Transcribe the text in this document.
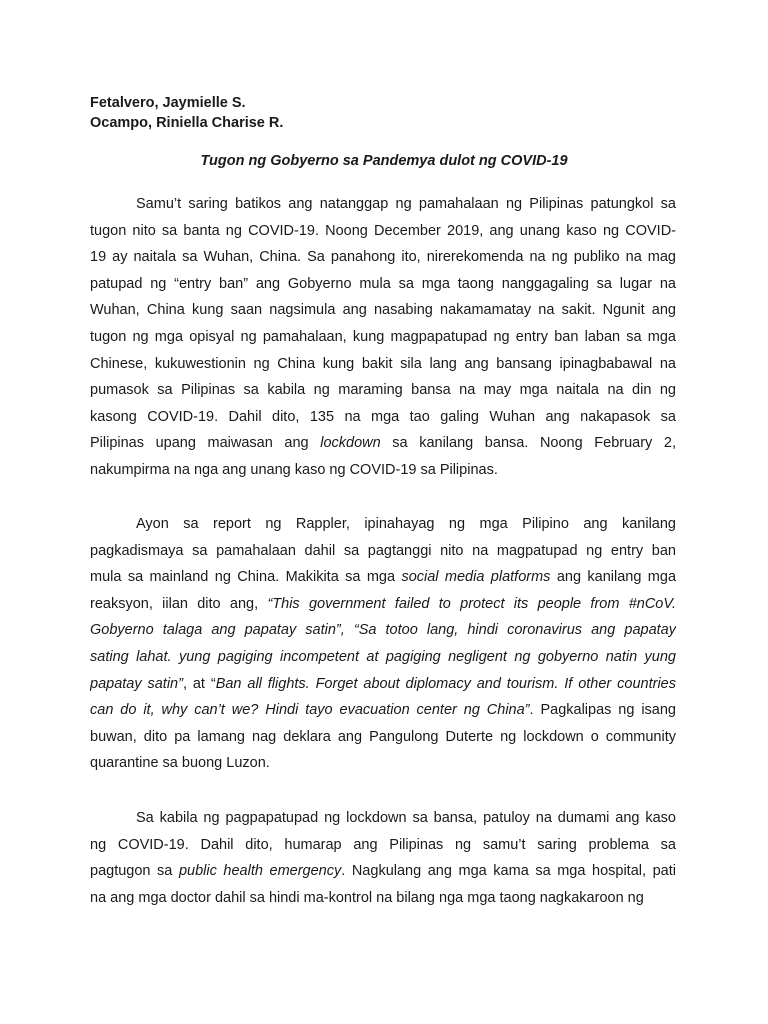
Fetalvero, Jaymielle S.
Ocampo, Riniella Charise R.
Tugon ng Gobyerno sa Pandemya dulot ng COVID-19
Samu’t saring batikos ang natanggap ng pamahalaan ng Pilipinas patungkol sa
tugon nito sa banta ng COVID-19. Noong December 2019, ang unang kaso ng COVID-
19 ay naitala sa Wuhan, China. Sa panahong ito, nirerekomenda na ng publiko na mag
patupad ng “entry ban” ang Gobyerno mula sa mga taong nanggagaling sa lugar na
Wuhan, China kung saan nagsimula ang nasabing nakamamatay na sakit. Ngunit ang
tugon ng mga opisyal ng pamahalaan, kung magpapatupad ng entry ban laban sa mga
Chinese, kukuwestionin ng China kung bakit sila lang ang bansang ipinagbabawal na
pumasok sa Pilipinas sa kabila ng maraming bansa na may mga naitala na din ng
kasong COVID-19. Dahil dito, 135 na mga tao galing Wuhan ang nakapasok sa
Pilipinas upang maiwasan ang lockdown sa kanilang bansa. Noong February 2,
nakumpirma na nga ang unang kaso ng COVID-19 sa Pilipinas.
Ayon sa report ng Rappler, ipinahayag ng mga Pilipino ang kanilang
pagkadismaya sa pamahalaan dahil sa pagtanggi nito na magpatupad ng entry ban
mula sa mainland ng China. Makikita sa mga social media platforms ang kanilang mga
reaksyon, iilan dito ang, “This government failed to protect its people from #nCoV.
Gobyerno talaga ang papatay satin”, “Sa totoo lang, hindi coronavirus ang papatay
sating lahat. yung pagiging incompetent at pagiging negligent ng gobyerno natin yung
papatay satin”, at “Ban all flights. Forget about diplomacy and tourism. If other countries
can do it, why can’t we? Hindi tayo evacuation center ng China”. Pagkalipas ng isang
buwan, dito pa lamang nag deklara ang Pangulong Duterte ng lockdown o community
quarantine sa buong Luzon.
Sa kabila ng pagpapatupad ng lockdown sa bansa, patuloy na dumami ang kaso
ng COVID-19. Dahil dito, humarap ang Pilipinas ng samu’t saring problema sa
pagtugon sa public health emergency. Nagkulang ang mga kama sa mga hospital, pati
na ang mga doctor dahil sa hindi ma-kontrol na bilang nga mga taong nagkakaroon ng
